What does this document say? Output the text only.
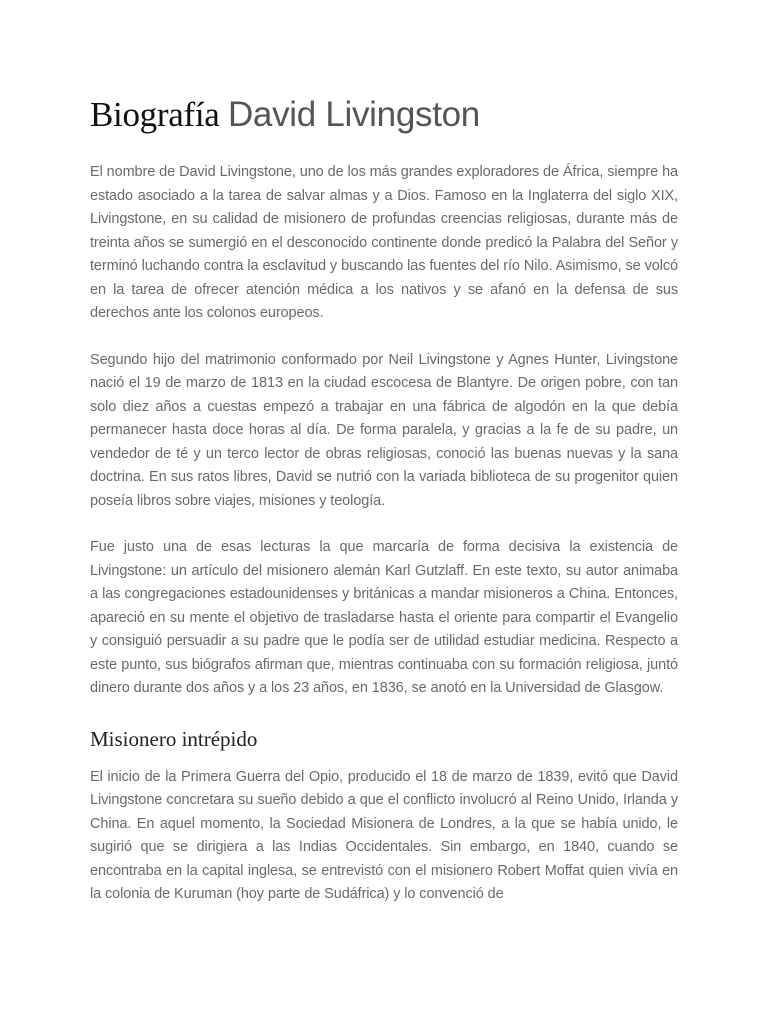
Biografía David Livingston

El nombre de David Livingstone, uno de los más grandes exploradores de África, siempre ha estado asociado a la tarea de salvar almas y a Dios. Famoso en la Inglaterra del siglo XIX, Livingstone, en su calidad de misionero de profundas creencias religiosas, durante más de treinta años se sumergió en el desconocido continente donde predicó la Palabra del Señor y terminó luchando contra la esclavitud y buscando las fuentes del río Nilo. Asimismo, se volcó en la tarea de ofrecer atención médica a los nativos y se afanó en la defensa de sus derechos ante los colonos europeos.

Segundo hijo del matrimonio conformado por Neil Livingstone y Agnes Hunter, Livingstone nació el 19 de marzo de 1813 en la ciudad escocesa de Blantyre. De origen pobre, con tan solo diez años a cuestas empezó a trabajar en una fábrica de algodón en la que debía permanecer hasta doce horas al día. De forma paralela, y gracias a la fe de su padre, un vendedor de té y un terco lector de obras religiosas, conoció las buenas nuevas y la sana doctrina. En sus ratos libres, David se nutrió con la variada biblioteca de su progenitor quien poseía libros sobre viajes, misiones y teología.

Fue justo una de esas lecturas la que marcaría de forma decisiva la existencia de Livingstone: un artículo del misionero alemán Karl Gutzlaff. En este texto, su autor animaba a las congregaciones estadounidenses y británicas a mandar misioneros a China. Entonces, apareció en su mente el objetivo de trasladarse hasta el oriente para compartir el Evangelio y consiguió persuadir a su padre que le podía ser de utilidad estudiar medicina. Respecto a este punto, sus biógrafos afirman que, mientras continuaba con su formación religiosa, juntó dinero durante dos años y a los 23 años, en 1836, se anotó en la Universidad de Glasgow.

Misionero intrépido

El inicio de la Primera Guerra del Opio, producido el 18 de marzo de 1839, evitó que David Livingstone concretara su sueño debido a que el conflicto involucró al Reino Unido, Irlanda y China. En aquel momento, la Sociedad Misionera de Londres, a la que se había unido, le sugirió que se dirigiera a las Indias Occidentales. Sin embargo, en 1840, cuando se encontraba en la capital inglesa, se entrevistó con el misionero Robert Moffat quien vivía en la colonia de Kuruman (hoy parte de Sudáfrica) y lo convenció de
